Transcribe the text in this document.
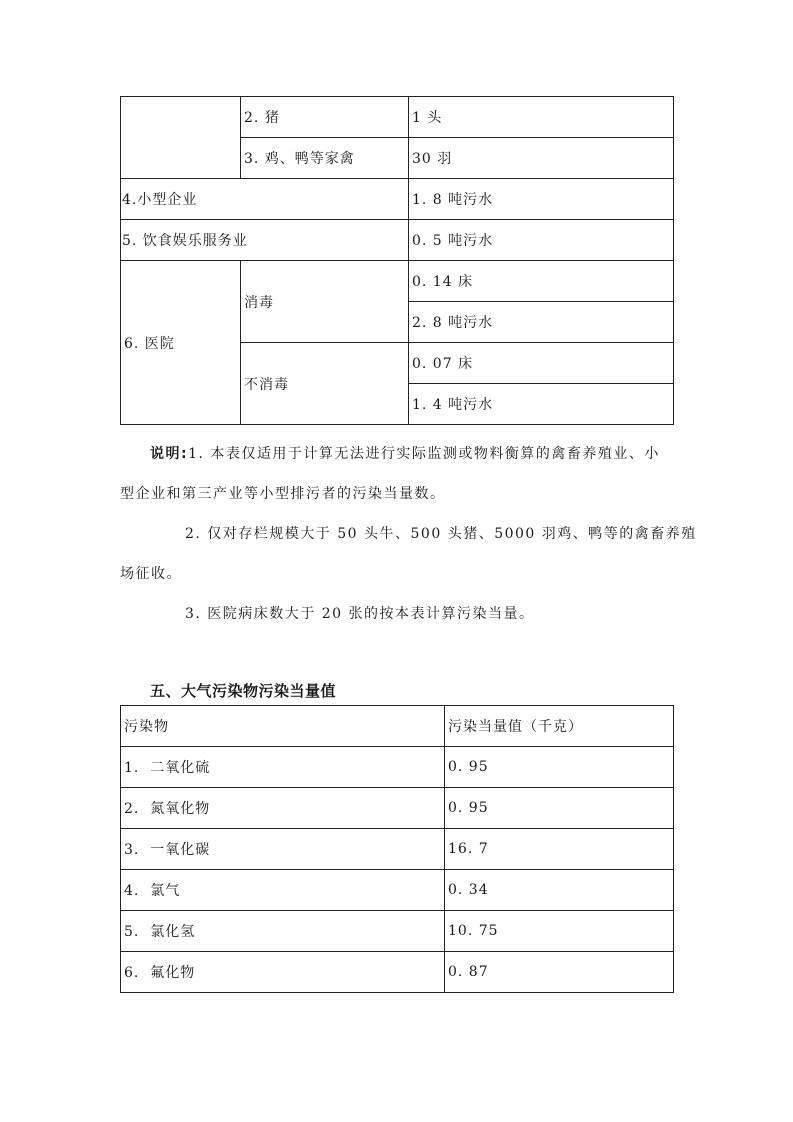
	2. 猪	1 头
	3. 鸡、鸭等家禽	30 羽
4.小型企业		1. 8 吨污水
5. 饮食娱乐服务业		0. 5 吨污水
6. 医院	消毒	0. 14 床
		2. 8 吨污水
	不消毒	0. 07 床
		1. 4 吨污水

说明:1. 本表仅适用于计算无法进行实际监测或物料衡算的禽畜养殖业、小

型企业和第三产业等小型排污者的污染当量数。

2. 仅对存栏规模大于 50 头牛、500 头猪、5000 羽鸡、鸭等的禽畜养殖

场征收。

3. 医院病床数大于 20 张的按本表计算污染当量。

五、大气污染物污染当量值
污染物	污染当量值（千克）
1.  二氧化硫	0. 95
2.  氮氧化物	0. 95
3.  一氧化碳	16. 7
4.  氯气	0. 34
5.  氯化氢	10. 75
6.  氟化物	0. 87
